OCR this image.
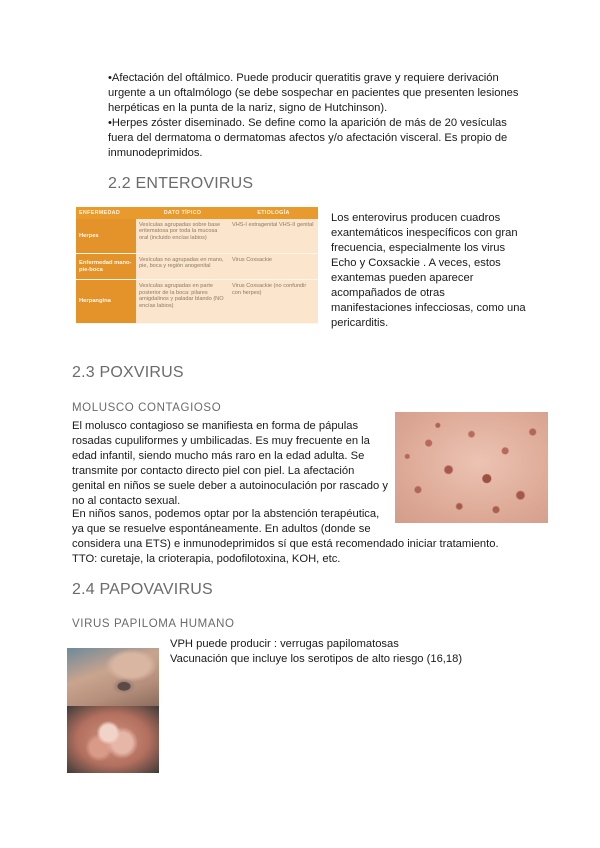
•Afectación del oftálmico. Puede producir queratitis grave y requiere derivación urgente a un oftalmólogo (se debe sospechar en pacientes que presenten lesiones herpéticas en la punta de la nariz, signo de Hutchinson).

•Herpes zóster diseminado. Se define como la aparición de más de 20 vesículas fuera del dermatoma o dermatomas afectos y/o afectación visceral. Es propio de inmunodeprimidos.

2.2 ENTEROVIRUS
ENFERMEDAD	DATO TÍPICO	ETIOLOGÍA
Herpes	Vesículas agrupadas sobre base eritematosa por toda la mucosa oral (incluido encías labios)	VHS-I extragenital VHS-II genital
Enfermedad mano-pie-boca	Vesículas no agrupadas en mano, pie, boca y región anogenital	Virus Coxsackie
Herpangina	Vesículas agrupadas en parte posterior de la boca: pilares amigdalinos y paladar blando (NO encías labios)	Virus Coxsackie (no confundir con herpes)

Los enterovirus producen cuadros exantemáticos inespecíficos con gran frecuencia, especialmente los virus Echo y Coxsackie . A veces, estos exantemas pueden aparecer acompañados de otras manifestaciones infecciosas, como una pericarditis.

2.3 POXVIRUS
MOLUSCO CONTAGIOSO

El molusco contagioso se manifiesta en forma de pápulas rosadas cupuliformes y umbilicadas. Es muy frecuente en la edad infantil, siendo mucho más raro en la edad adulta. Se transmite por contacto directo piel con piel. La afectación genital en niños se suele deber a autoinoculación por rascado y no al contacto sexual.

En niños sanos, podemos optar por la abstención terapéutica, ya que se resuelve espontáneamente. En adultos (donde se

considera una ETS) e inmunodeprimidos sí que está recomendado iniciar tratamiento.

TTO: curetaje, la crioterapia, podofilotoxina, KOH, etc.

2.4 PAPOVAVIRUS
VIRUS PAPILOMA HUMANO

VPH puede producir : verrugas papilomatosas

Vacunación que incluye los serotipos de alto riesgo (16,18)
